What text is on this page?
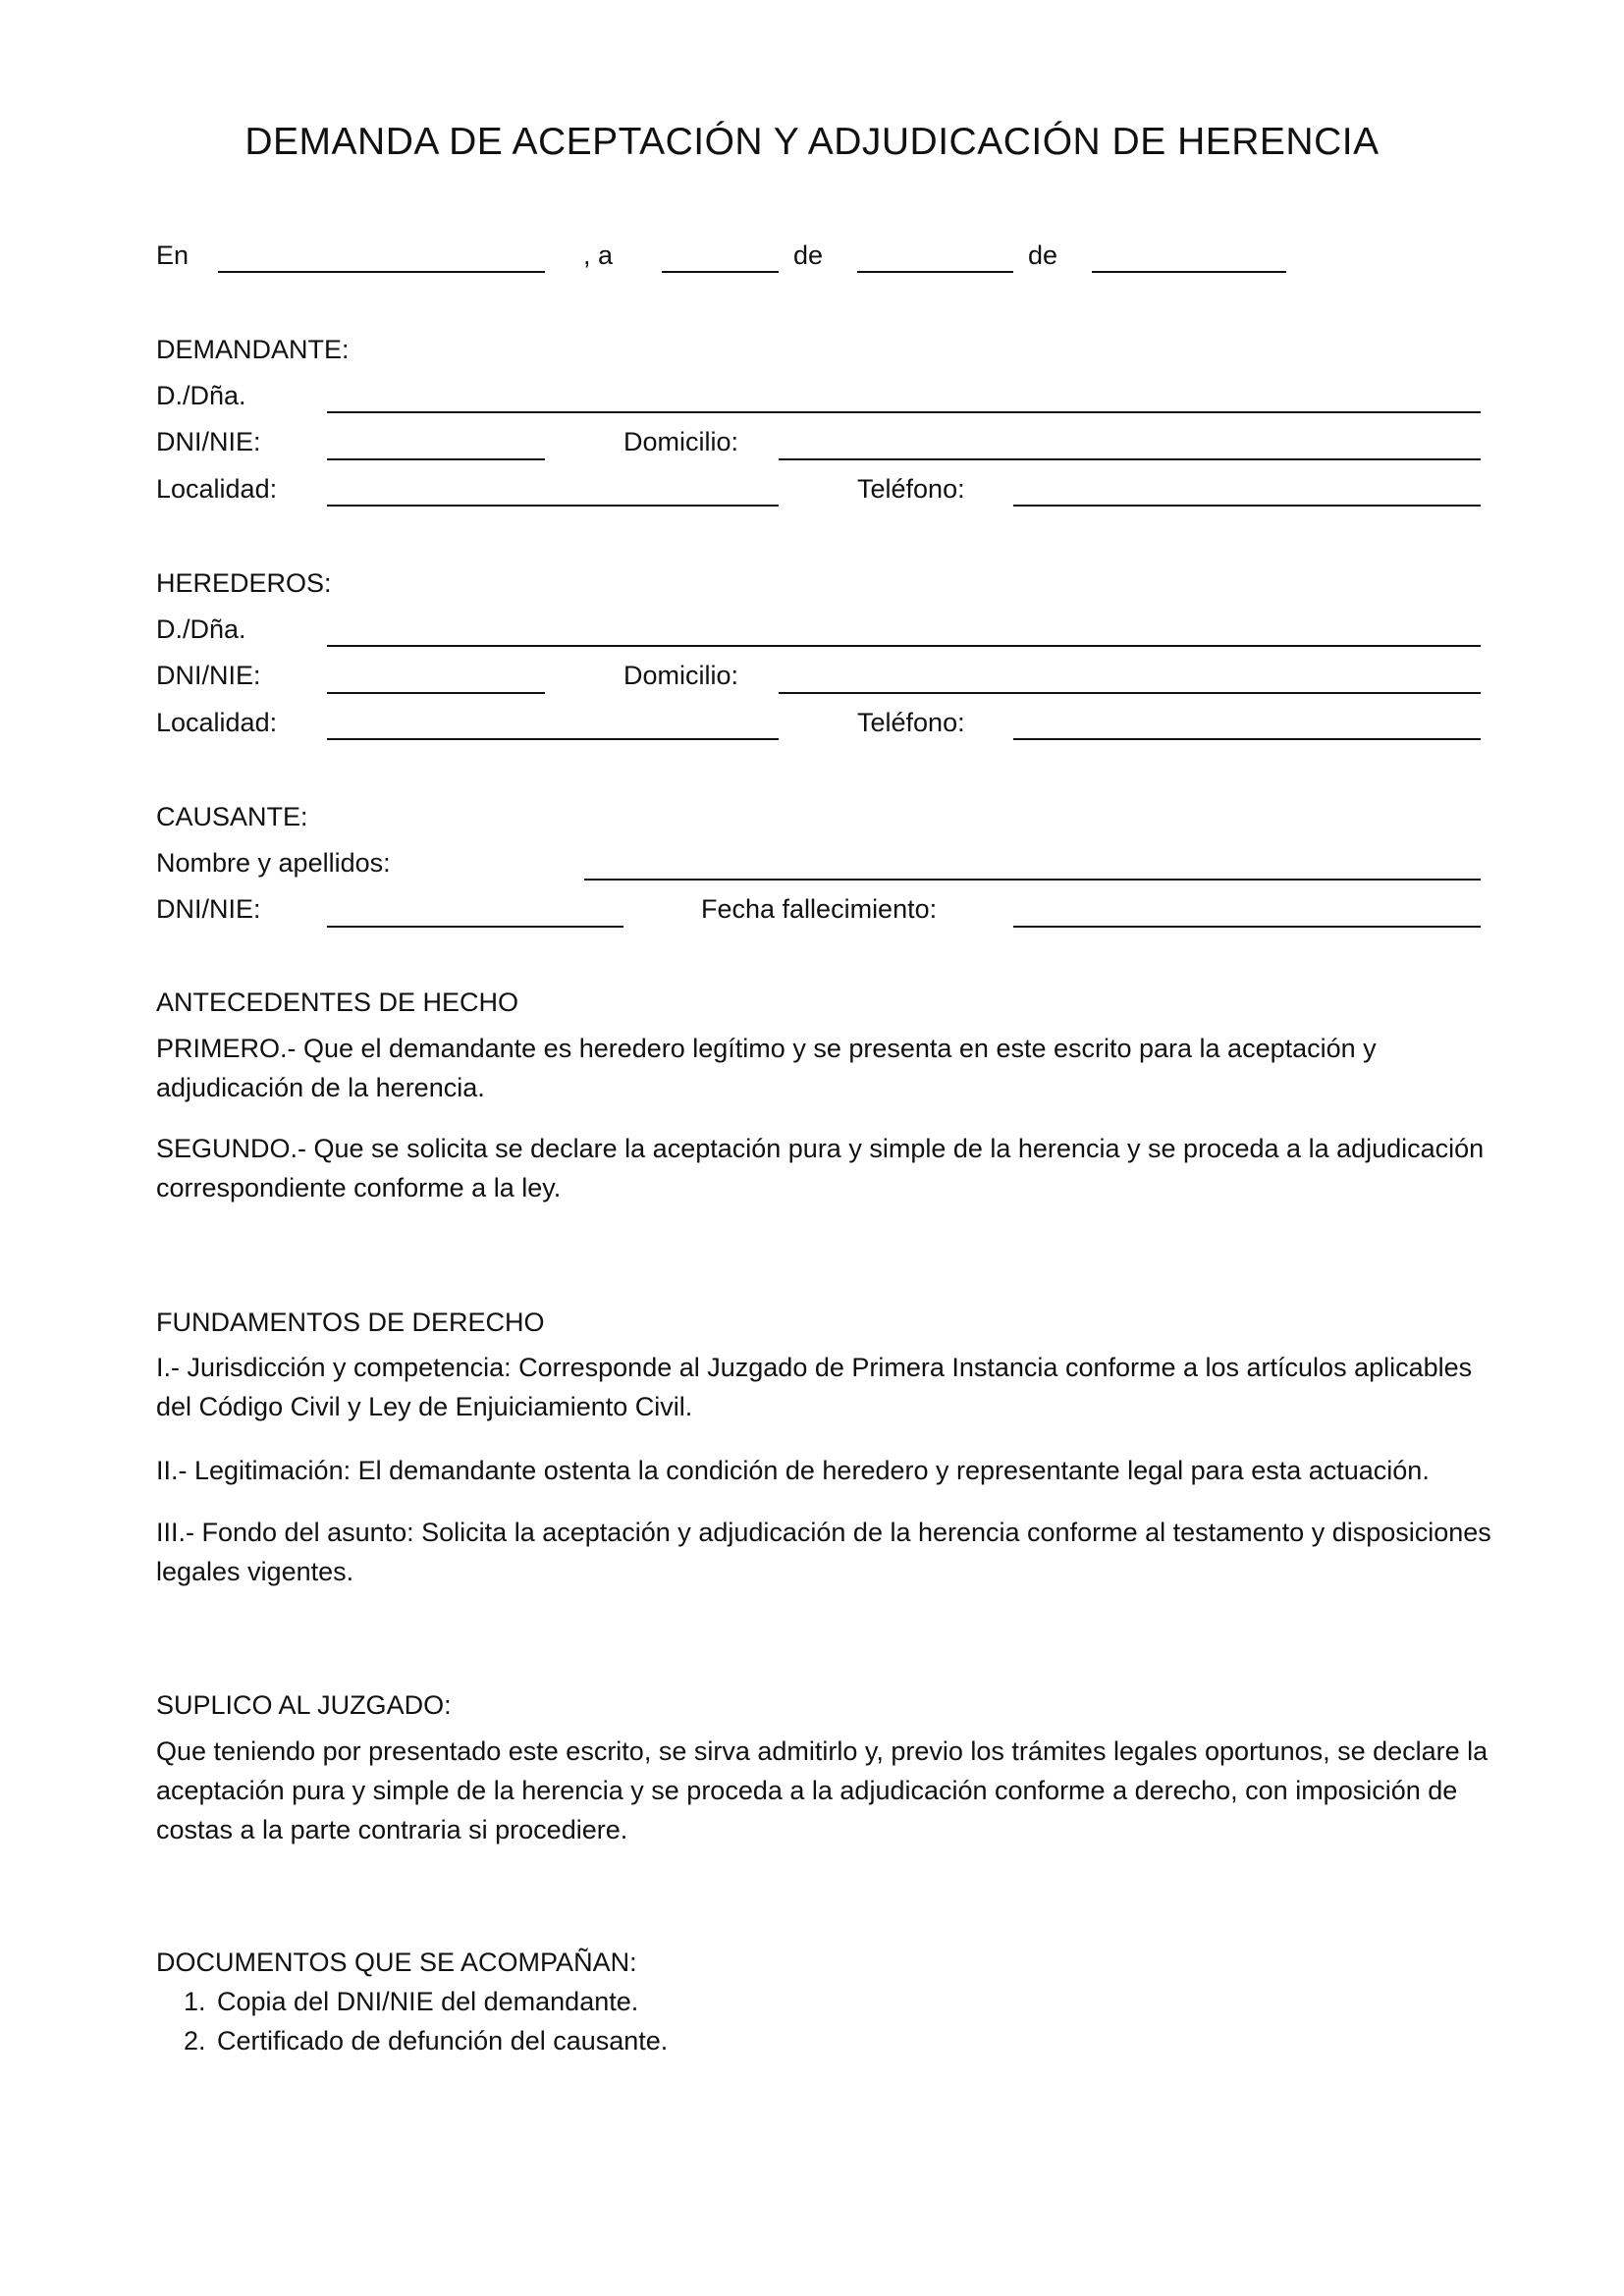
DEMANDA DE ACEPTACIÓN Y ADJUDICACIÓN DE HERENCIA
En	, a	de	de
DEMANDANTE:
D./Dña.
DNI/NIE:	Domicilio:
Localidad:	Teléfono:
HEREDEROS:
D./Dña.
DNI/NIE:	Domicilio:
Localidad:	Teléfono:
CAUSANTE:
Nombre y apellidos:
DNI/NIE:	Fecha fallecimiento:
ANTECEDENTES DE HECHO
PRIMERO.- Que el demandante es heredero legítimo y se presenta en este escrito para la aceptación y adjudicación de la herencia.
SEGUNDO.- Que se solicita se declare la aceptación pura y simple de la herencia y se proceda a la adjudicación correspondiente conforme a la ley.
FUNDAMENTOS DE DERECHO
I.- Jurisdicción y competencia: Corresponde al Juzgado de Primera Instancia conforme a los artículos aplicables del Código Civil y Ley de Enjuiciamiento Civil.
II.- Legitimación: El demandante ostenta la condición de heredero y representante legal para esta actuación.
III.- Fondo del asunto: Solicita la aceptación y adjudicación de la herencia conforme al testamento y disposiciones legales vigentes.
SUPLICO AL JUZGADO:
Que teniendo por presentado este escrito, se sirva admitirlo y, previo los trámites legales oportunos, se declare la aceptación pura y simple de la herencia y se proceda a la adjudicación conforme a derecho, con imposición de costas a la parte contraria si procediere.
DOCUMENTOS QUE SE ACOMPAÑAN:
1. Copia del DNI/NIE del demandante.
2. Certificado de defunción del causante.
